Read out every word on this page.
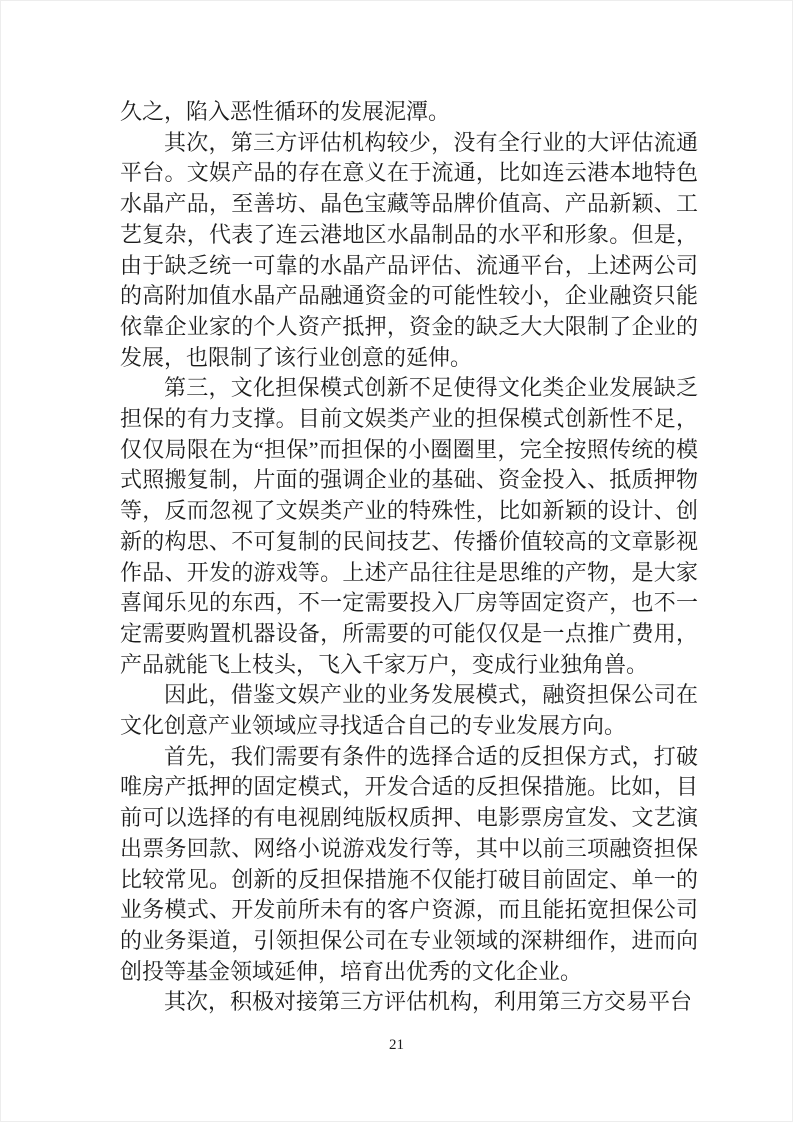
久之，陷入恶性循环的发展泥潭。

其次，第三方评估机构较少，没有全行业的大评估流通平台。文娱产品的存在意义在于流通，比如连云港本地特色水晶产品，至善坊、晶色宝藏等品牌价值高、产品新颖、工艺复杂，代表了连云港地区水晶制品的水平和形象。但是，由于缺乏统一可靠的水晶产品评估、流通平台，上述两公司的高附加值水晶产品融通资金的可能性较小，企业融资只能依靠企业家的个人资产抵押，资金的缺乏大大限制了企业的发展，也限制了该行业创意的延伸。

第三，文化担保模式创新不足使得文化类企业发展缺乏担保的有力支撑。目前文娱类产业的担保模式创新性不足，仅仅局限在为“担保”而担保的小圈圈里，完全按照传统的模式照搬复制，片面的强调企业的基础、资金投入、抵质押物等，反而忽视了文娱类产业的特殊性，比如新颖的设计、创新的构思、不可复制的民间技艺、传播价值较高的文章影视作品、开发的游戏等。上述产品往往是思维的产物，是大家喜闻乐见的东西，不一定需要投入厂房等固定资产，也不一定需要购置机器设备，所需要的可能仅仅是一点推广费用，产品就能飞上枝头，飞入千家万户，变成行业独角兽。

因此，借鉴文娱产业的业务发展模式，融资担保公司在文化创意产业领域应寻找适合自己的专业发展方向。

首先，我们需要有条件的选择合适的反担保方式，打破唯房产抵押的固定模式，开发合适的反担保措施。比如，目前可以选择的有电视剧纯版权质押、电影票房宣发、文艺演出票务回款、网络小说游戏发行等，其中以前三项融资担保比较常见。创新的反担保措施不仅能打破目前固定、单一的业务模式、开发前所未有的客户资源，而且能拓宽担保公司的业务渠道，引领担保公司在专业领域的深耕细作，进而向创投等基金领域延伸，培育出优秀的文化企业。

其次，积极对接第三方评估机构，利用第三方交易平台

21
